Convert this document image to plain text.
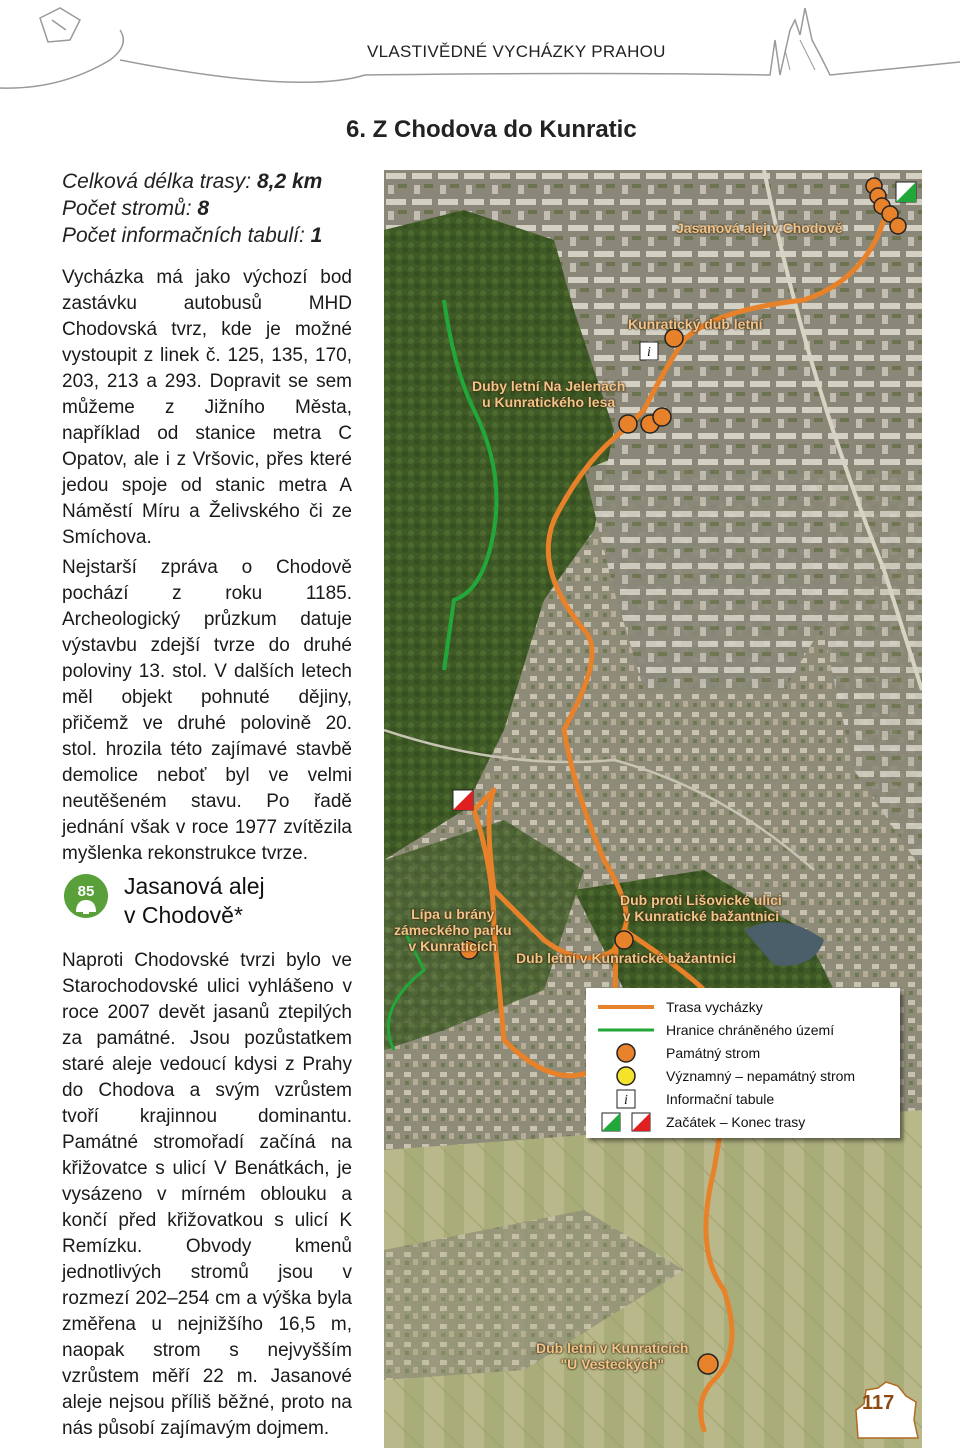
VLASTIVĚDNÉ VYCHÁZKY PRAHOU
6. Z Chodova do Kunratic
Celková délka trasy: 8,2 km
Počet stromů: 8
Počet informačních tabulí: 1

Vycházka má jako výchozí bod zastávku autobusů MHD Chodovská tvrz, kde je možné vystoupit z linek č. 125, 135, 170, 203, 213 a 293. Dopravit se sem můžeme z Jižního Města, například od stanice metra C Opatov, ale i z Vršovic, přes které jedou spoje od stanic metra A Náměstí Míru a Želivského či ze Smíchova.

Nejstarší zpráva o Chodově pochází z roku 1185. Archeologický průzkum datuje výstavbu zdejší tvrze do druhé poloviny 13. stol. V dalších letech měl objekt pohnuté dějiny, přičemž ve druhé polovině 20. stol. hrozila této zajímavé stavbě demolice neboť byl ve velmi neutěšeném stavu. Po řadě jednání však v roce 1977 zvítězila myšlenka rekonstrukce tvrze.

85 Jasanová alej
v Chodově*
Naproti Chodovské tvrzi bylo ve Starochodovské ulici vyhlášeno v roce 2007 devět jasanů ztepilých za památné. Jsou pozůstatkem staré aleje vedoucí kdysi z Prahy do Chodova a svým vzrůstem tvoří krajinnou dominantu. Památné stromořadí začíná na křižovatce s ulicí V Benátkách, je vysázeno v mírném oblouku a končí před křižovatkou s ulicí K Remízku. Obvody kmenů jednotlivých stromů jsou v rozmezí 202–254 cm a výška byla změřena u nejnižšího 16,5 m, naopak strom s nejvyšším vzrůstem měří 22 m. Jasanové aleje nejsou příliš běžné, proto na nás působí zajímavým dojmem.
i
Jasanová alej v Chodově
Kunratický dub letní
Duby letní Na Jelenách
u Kunratického lesa
Lípa u brány
zámeckého parku
v Kunraticích
Dub proti Lišovické ulici
v Kunratické bažantnici
Dub letní v Kunratické bažantnici
Dub letní v Kunraticích
"U Vesteckých"
Trasa vycházky
Hranice chráněného území
Památný strom
Významný – nepamátný strom
i	Informační tabule
Začátek – Konec trasy
117
